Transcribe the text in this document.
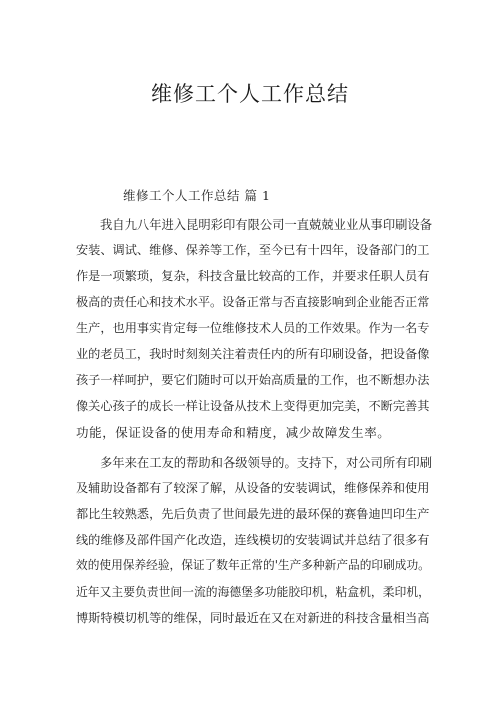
维修工个人工作总结
维修工个人工作总结 篇 1
我自九八年进入昆明彩印有限公司一直兢兢业业从事印刷设备
安装、调试、维修、保养等工作，至今已有十四年，设备部门的工
作是一项繁琐，复杂，科技含量比较高的工作，并要求任职人员有
极高的责任心和技术水平。设备正常与否直接影响到企业能否正常
生产，也用事实肯定每一位维修技术人员的工作效果。作为一名专
业的老员工，我时时刻刻关注着责任内的所有印刷设备，把设备像
孩子一样呵护，要它们随时可以开始高质量的工作，也不断想办法
像关心孩子的成长一样让设备从技术上变得更加完美，不断完善其
功能，保证设备的使用寿命和精度，减少故障发生率。
多年来在工友的帮助和各级领导的。支持下，对公司所有印刷
及辅助设备都有了较深了解，从设备的安装调试，维修保养和使用
都比生较熟悉，先后负责了世间最先进的最环保的赛鲁迪凹印生产
线的维修及部件国产化改造，连线模切的安装调试并总结了很多有
效的使用保养经验，保证了数年正常的'生产多种新产品的印刷成功。
近年又主要负责世间一流的海德堡多功能胶印机，粘盒机，柔印机，
博斯特模切机等的维保，同时最近在又在对新进的科技含量相当高
